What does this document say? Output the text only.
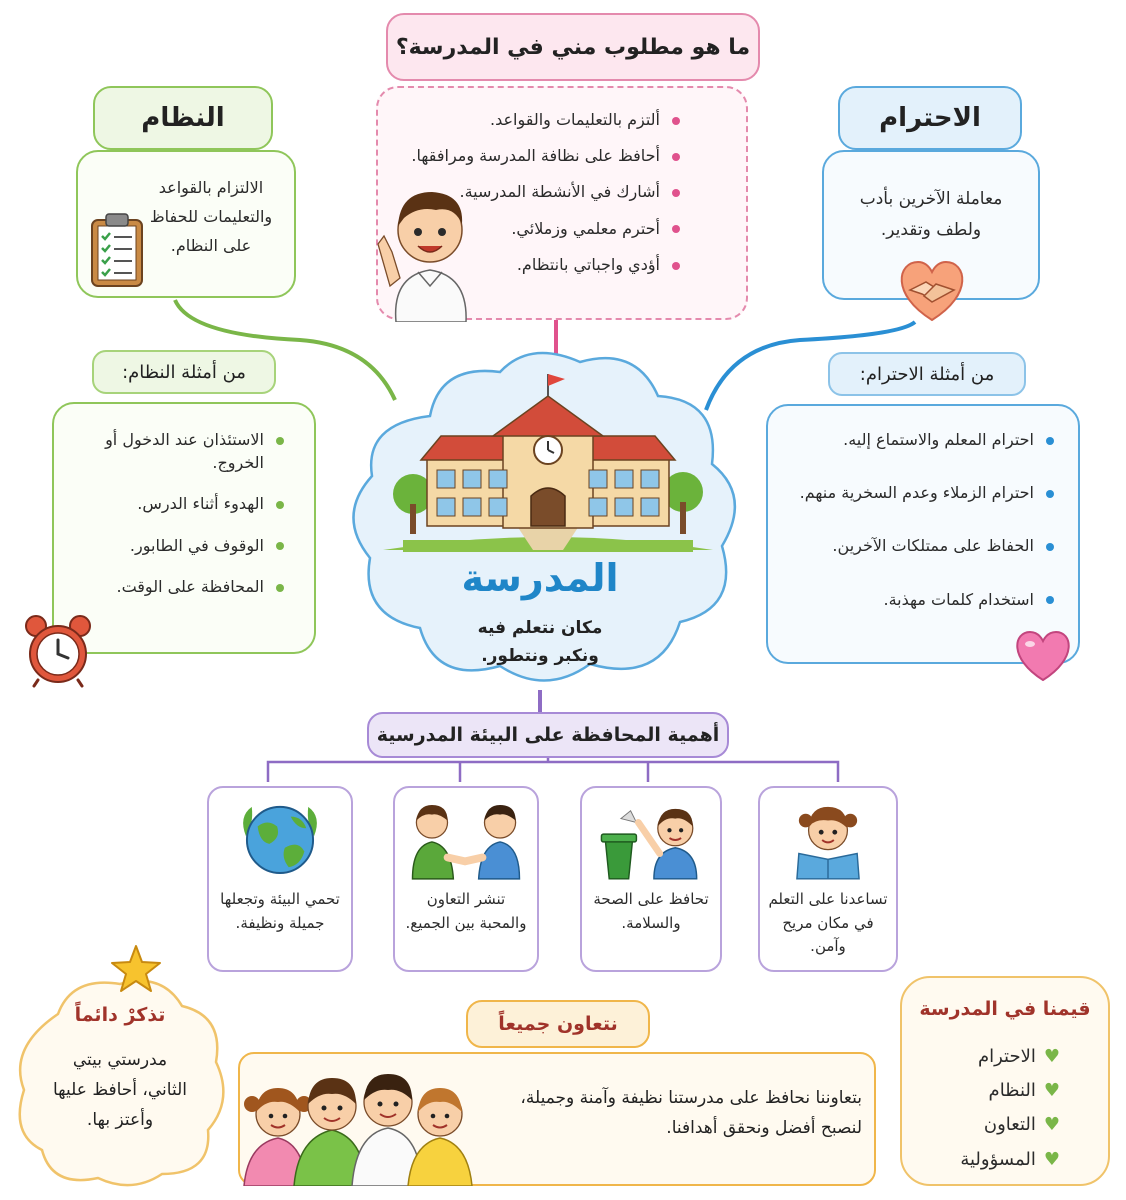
ما هو مطلوب مني في المدرسة؟
ألتزم بالتعليمات والقواعد.
أحافظ على نظافة المدرسة ومرافقها.
أشارك في الأنشطة المدرسية.
أحترم معلمي وزملائي.
أؤدي واجباتي بانتظام.
النظام
الالتزام بالقواعد والتعليمات للحفاظ على النظام.
الاحترام
معاملة الآخرين بأدب ولطف وتقدير.
من أمثلة النظام:
الاستئذان عند الدخول أو الخروج.
الهدوء أثناء الدرس.
الوقوف في الطابور.
المحافظة على الوقت.
من أمثلة الاحترام:
احترام المعلم والاستماع إليه.
احترام الزملاء وعدم السخرية منهم.
الحفاظ على ممتلكات الآخرين.
استخدام كلمات مهذبة.
المدرسة
مكان نتعلم فيه
ونكبر ونتطور.
أهمية المحافظة على البيئة المدرسية
تساعدنا على التعلم في مكان مريح وآمن.
تحافظ على الصحة والسلامة.
تنشر التعاون والمحبة بين الجميع.
تحمي البيئة وتجعلها جميلة ونظيفة.
تذكرْ دائماً
مدرستي بيتي الثاني، أحافظ عليها وأعتز بها.
نتعاون جميعاً
بتعاوننا نحافظ على مدرستنا نظيفة وآمنة وجميلة،
لنصبح أفضل ونحقق أهدافنا.
قيمنا في المدرسة
♥الاحترام
♥النظام
♥التعاون
♥المسؤولية
